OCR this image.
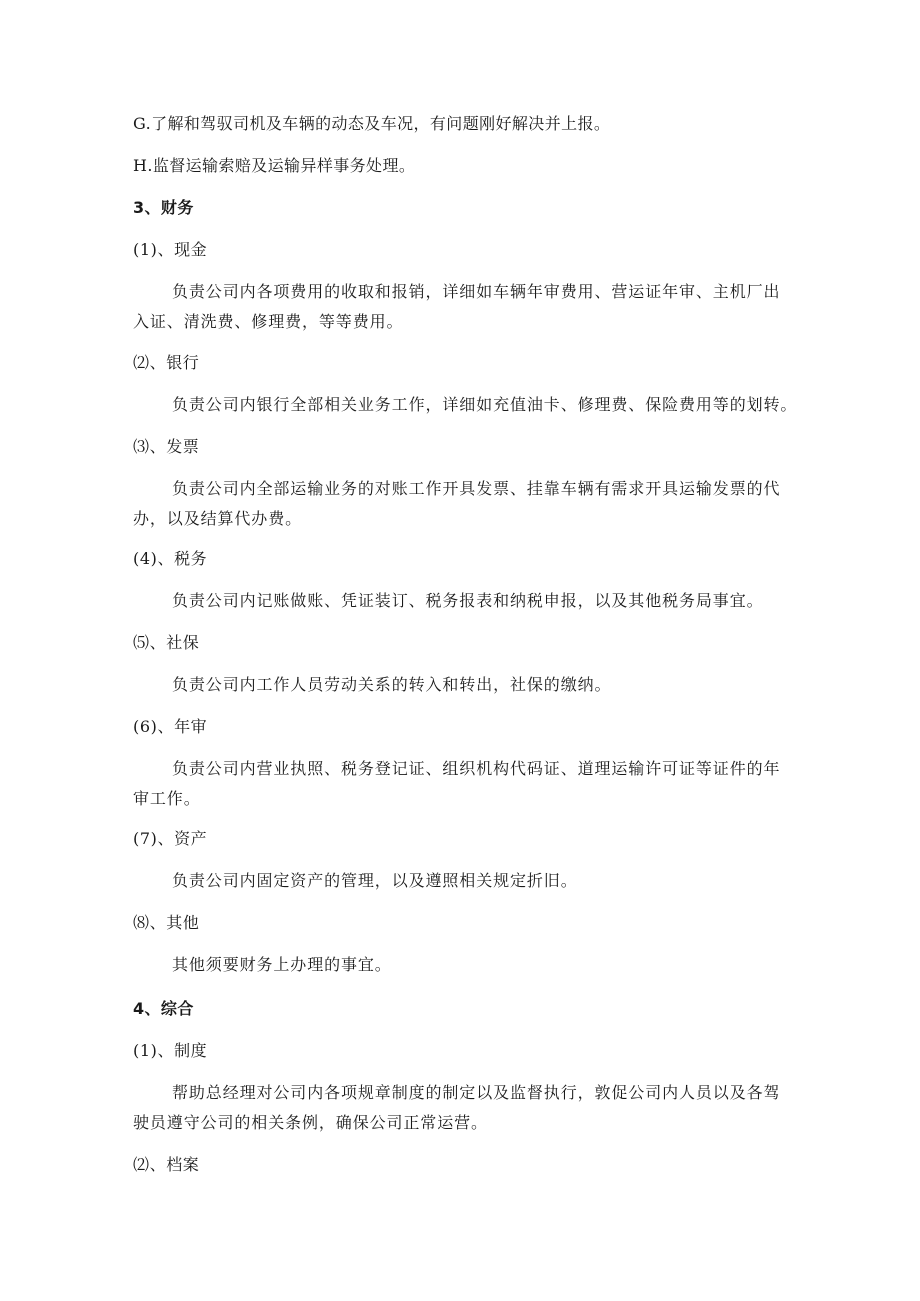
G.了解和驾驭司机及车辆的动态及车况，有问题刚好解决并上报。
H.监督运输索赔及运输异样事务处理。
3、财务
(1)、现金
负责公司内各项费用的收取和报销，详细如车辆年审费用、营运证年审、主机厂出
入证、清洗费、修理费，等等费用。
⑵、银行
负责公司内银行全部相关业务工作，详细如充值油卡、修理费、保险费用等的划转。
⑶、发票
负责公司内全部运输业务的对账工作开具发票、挂靠车辆有需求开具运输发票的代
办，以及结算代办费。
(4)、税务
负责公司内记账做账、凭证装订、税务报表和纳税申报，以及其他税务局事宜。
⑸、社保
负责公司内工作人员劳动关系的转入和转出，社保的缴纳。
(6)、年审
负责公司内营业执照、税务登记证、组织机构代码证、道理运输许可证等证件的年
审工作。
(7)、资产
负责公司内固定资产的管理，以及遵照相关规定折旧。
⑻、其他
其他须要财务上办理的事宜。
4、综合
(1)、制度
帮助总经理对公司内各项规章制度的制定以及监督执行，敦促公司内人员以及各驾
驶员遵守公司的相关条例，确保公司正常运营。
⑵、档案
